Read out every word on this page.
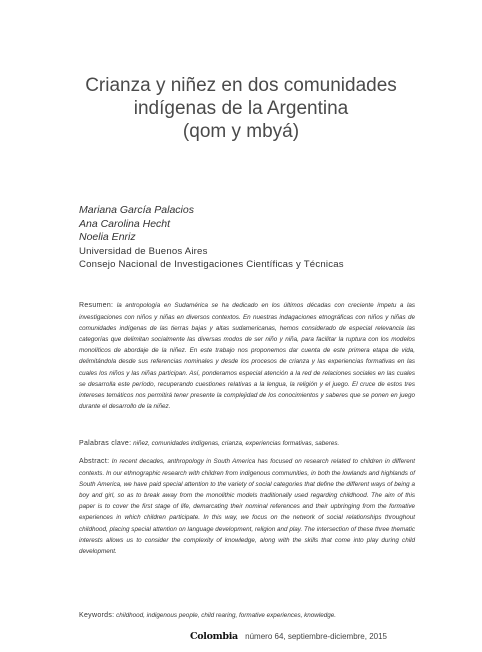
Crianza y niñez en dos comunidades
indígenas de la Argentina
(qom y mbyá)
Mariana García Palacios
Ana Carolina Hecht
Noelia Enriz
Universidad de Buenos Aires
Consejo Nacional de Investigaciones Científicas y Técnicas

Resumen: la antropología en Sudamérica se ha dedicado en los últimos décadas con creciente ímpetu a las investigaciones con niños y niñas en diversos contextos. En nuestras indagaciones etnográficas con niños y niñas de comunidades indígenas de las tierras bajas y altas sudamericanas, hemos considerado de especial relevancia las categorías que delimitan socialmente las diversas modos de ser niño y niña, para facilitar la ruptura con los modelos monolíticos de abordaje de la niñez. En este trabajo nos proponemos dar cuenta de este primera etapa de vida, delimitándola desde sus referencias nominales y desde los procesos de crianza y las experiencias formativas en las cuales los niños y las niñas participan. Así, ponderamos especial atención a la red de relaciones sociales en las cuales se desarrolla este período, recuperando cuestiones relativas a la lengua, la religión y el juego. El cruce de estos tres intereses temáticos nos permitirá tener presente la complejidad de los conocimientos y saberes que se ponen en juego durante el desarrollo de la niñez.

Palabras clave: niñez, comunidades indígenas, crianza, experiencias formativas, saberes.

Abstract: In recent decades, anthropology in South America has focused on research related to children in different contexts. In our ethnographic research with children from indigenous communities, in both the lowlands and highlands of South America, we have paid special attention to the variety of social categories that define the different ways of being a boy and girl, so as to break away from the monolithic models traditionally used regarding childhood. The aim of this paper is to cover the first stage of life, demarcating their nominal references and their upbringing from the formative experiences in which children participate. In this way, we focus on the network of social relationships throughout childhood, placing special attention on language development, religion and play. The intersection of these three thematic interests allows us to consider the complexity of knowledge, along with the skills that come into play during child development.

Keywords: childhood, indigenous people, child rearing, formative experiences, knowledge.

Colombia número 64, septiembre-diciembre, 2015
